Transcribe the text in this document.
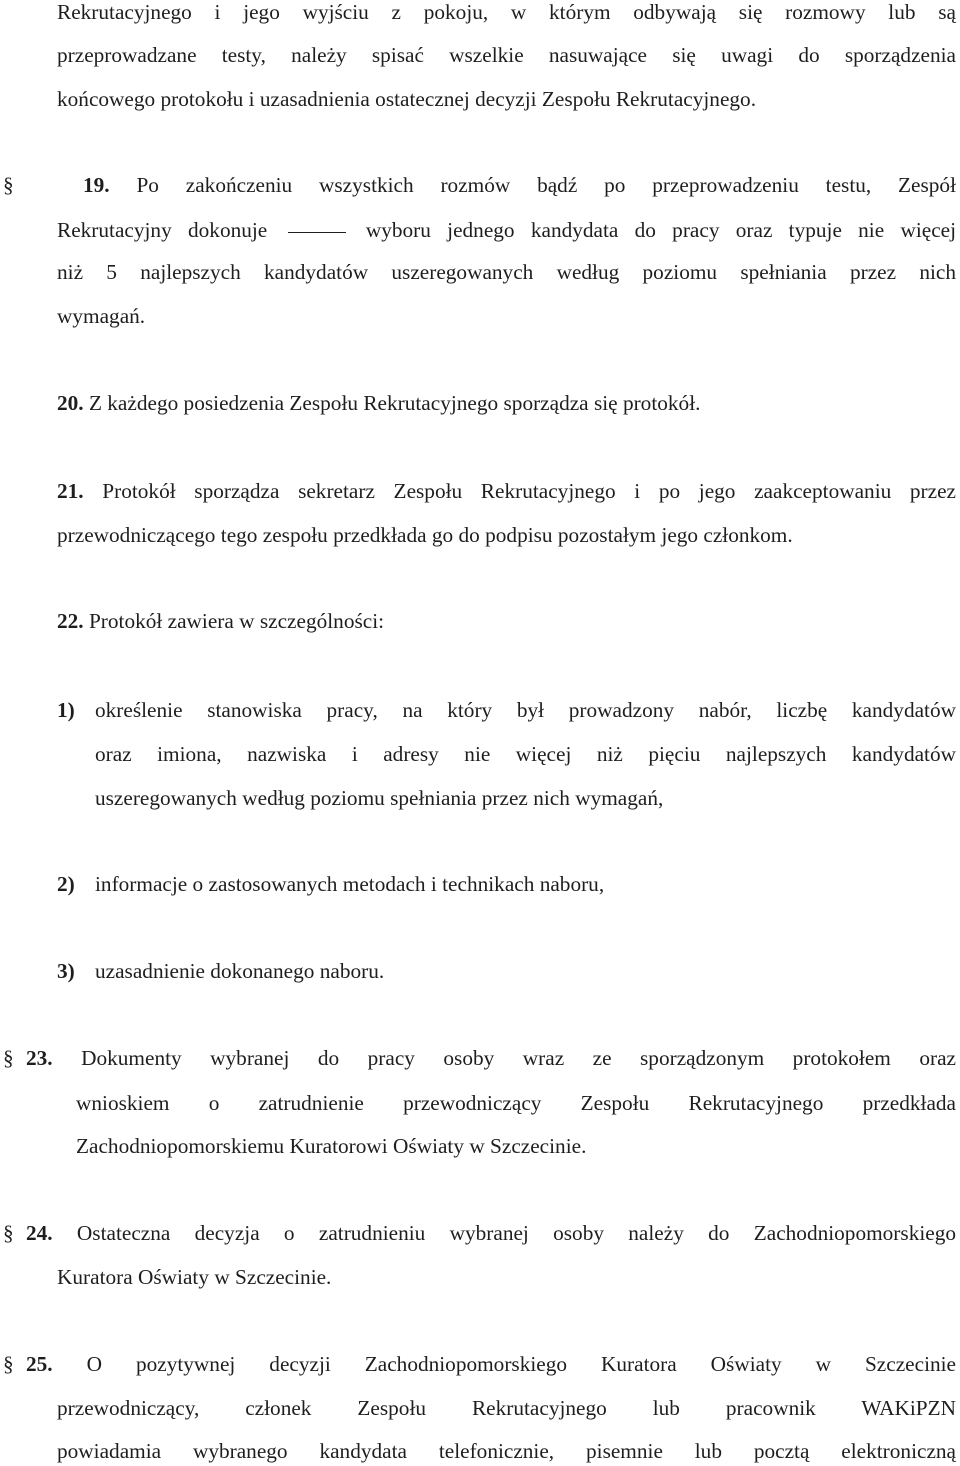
Rekrutacyjnego i jego wyjściu z pokoju, w którym odbywają się rozmowy lub są
przeprowadzane testy, należy spisać wszelkie nasuwające się uwagi do sporządzenia
końcowego protokołu i uzasadnienia ostatecznej decyzji Zespołu Rekrutacyjnego.
§	19. Po zakończeniu wszystkich rozmów bądź po przeprowadzeniu testu, Zespół
Rekrutacyjny dokonuje	wyboru jednego kandydata do pracy oraz typuje nie więcej
niż 5 najlepszych kandydatów uszeregowanych według poziomu spełniania przez nich
wymagań.
20. Z każdego posiedzenia Zespołu Rekrutacyjnego sporządza się protokół.
21. Protokół sporządza sekretarz Zespołu Rekrutacyjnego i po jego zaakceptowaniu przez
przewodniczącego tego zespołu przedkłada go do podpisu pozostałym jego członkom.
22. Protokół zawiera w szczególności:
1) określenie stanowiska pracy, na który był prowadzony nabór, liczbę kandydatów
oraz imiona, nazwiska i adresy nie więcej niż pięciu najlepszych kandydatów
uszeregowanych według poziomu spełniania przez nich wymagań,
2) informacje o zastosowanych metodach i technikach naboru,
3) uzasadnienie dokonanego naboru.
§ 23. Dokumenty wybranej do pracy osoby wraz ze sporządzonym protokołem oraz
wnioskiem o zatrudnienie przewodniczący Zespołu Rekrutacyjnego przedkłada
Zachodniopomorskiemu Kuratorowi Oświaty w Szczecinie.
§ 24. Ostateczna decyzja o zatrudnieniu wybranej osoby należy do Zachodniopomorskiego
Kuratora Oświaty w Szczecinie.
§ 25. O pozytywnej decyzji Zachodniopomorskiego Kuratora Oświaty w Szczecinie
przewodniczący, członek Zespołu Rekrutacyjnego lub pracownik WAKiPZN
powiadamia wybranego kandydata telefonicznie, pisemnie lub pocztą elektroniczną
